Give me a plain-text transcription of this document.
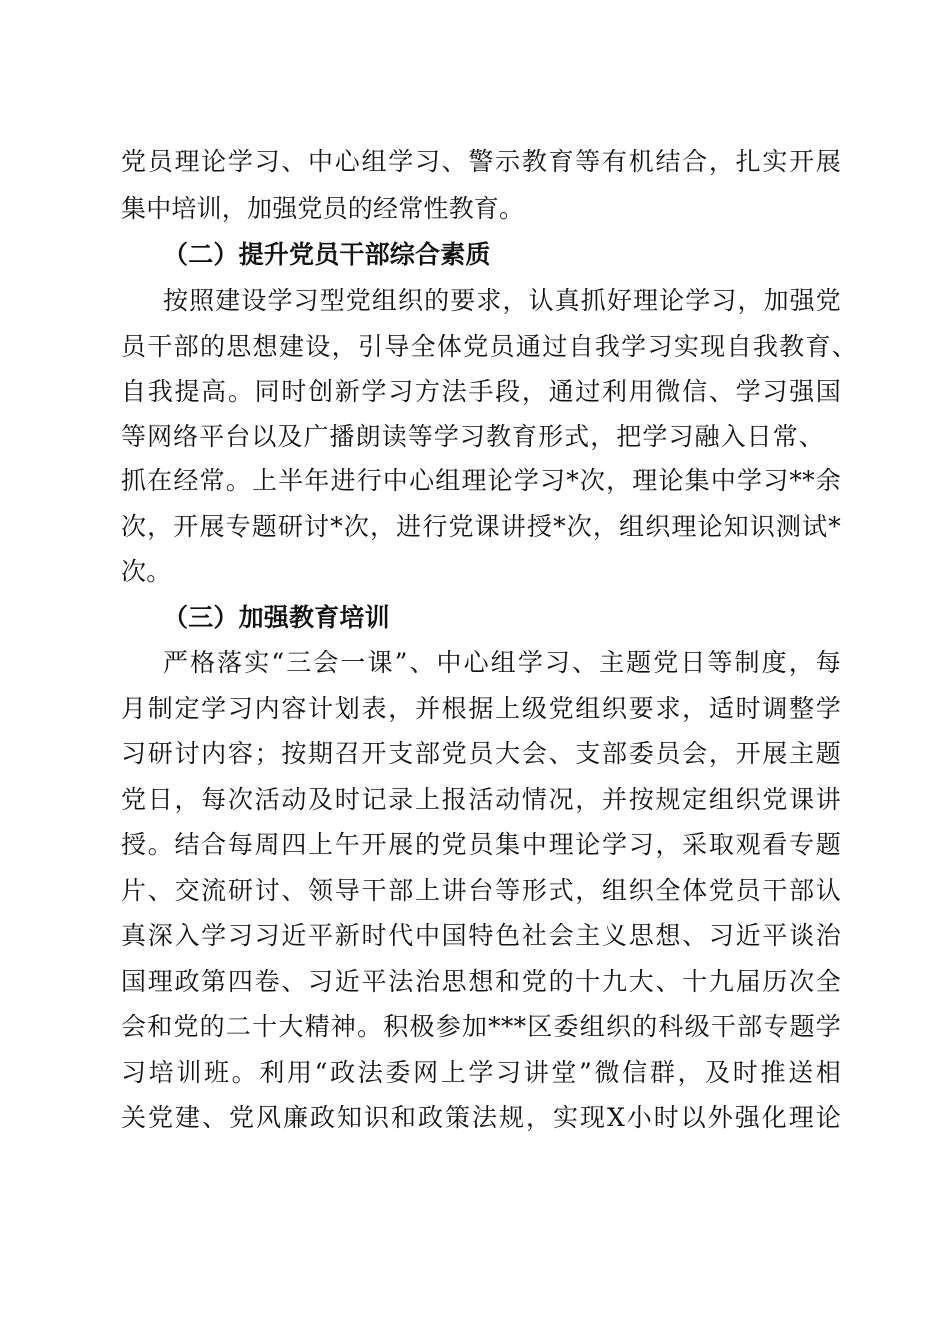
党员理论学习、中心组学习、警示教育等有机结合，扎实开展
集中培训，加强党员的经常性教育。
（二）提升党员干部综合素质
按照建设学习型党组织的要求，认真抓好理论学习，加强党
员干部的思想建设，引导全体党员通过自我学习实现自我教育、
自我提高。同时创新学习方法手段，通过利用微信、学习强国
等网络平台以及广播朗读等学习教育形式，把学习融入日常、
抓在经常。上半年进行中心组理论学习*次，理论集中学习**余
次，开展专题研讨*次，进行党课讲授*次，组织理论知识测试*
次。
（三）加强教育培训
严格落实“三会一课”、中心组学习、主题党日等制度，每
月制定学习内容计划表，并根据上级党组织要求，适时调整学
习研讨内容；按期召开支部党员大会、支部委员会，开展主题
党日，每次活动及时记录上报活动情况，并按规定组织党课讲
授。结合每周四上午开展的党员集中理论学习，采取观看专题
片、交流研讨、领导干部上讲台等形式，组织全体党员干部认
真深入学习习近平新时代中国特色社会主义思想、习近平谈治
国理政第四卷、习近平法治思想和党的十九大、十九届历次全
会和党的二十大精神。积极参加***区委组织的科级干部专题学
习培训班。利用“政法委网上学习讲堂”微信群，及时推送相
关党建、党风廉政知识和政策法规，实现X小时以外强化理论
